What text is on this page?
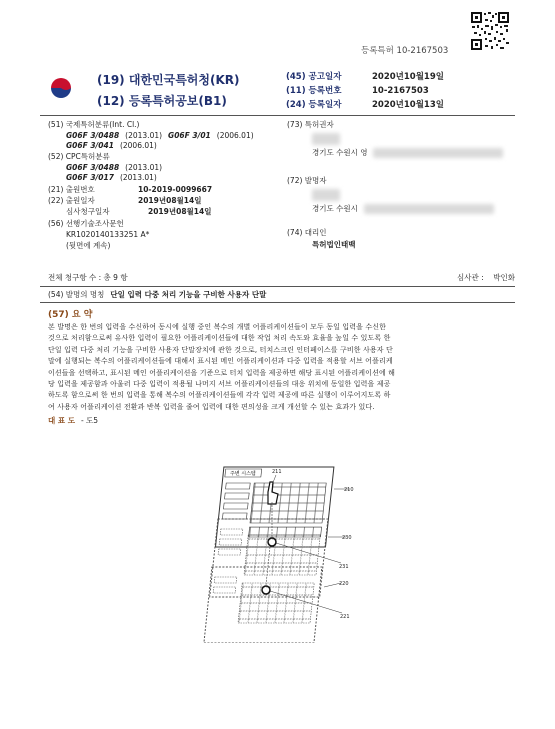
등록특허 10-2167503
(19) 대한민국특허청(KR)
(12) 등록특허공보(B1)
(45) 공고일자	2020년10월19일
(11) 등록번호	10-2167503
(24) 등록일자	2020년10월13일
(51) 국제특허분류(Int. Cl.)
G06F 3/0488 (2013.01) G06F 3/01 (2006.01)
G06F 3/041 (2006.01)
(52) CPC특허분류
G06F 3/0488 (2013.01)
G06F 3/017 (2013.01)
(21) 출원번호	10-2019-0099667
(22) 출원일자	2019년08월14일
심사청구일자	2019년08월14일
(56) 선행기술조사문헌
KR1020140133251 A*
(뒷면에 계속)
(73) 특허권자
경기도 수원시 영
(72) 발명자
경기도 수원시
(74) 대리인
특허법인태백
전체 청구항 수 : 총 9 항	심사관 : 박인화
(54) 발명의 명칭 단일 입력 다중 처리 기능을 구비한 사용자 단말
(57) 요 약
본 발명은 한 번의 입력을 수신하여 동시에 실행 중인 복수의 개별 어플리케이션들이 모두 동일 입력을 수신한
것으로 처리함으로써 유사한 입력이 필요한 어플리케이션들에 대한 작업 처리 속도와 효율을 높일 수 있도록 한
단일 입력 다중 처리 기능을 구비한 사용자 단말장치에 관한 것으로, 터치스크린 인터페이스를 구비한 사용자 단
말에 실행되는 복수의 어플리케이션들에 대해서 표시된 메인 어플리케이션과 다중 입력을 적용할 서브 어플리케
이션들을 선택하고, 표시된 메인 어플리케이션을 기준으로 터치 입력을 제공하면 해당 표시된 어플리케이션에 해
당 입력을 제공함과 아울러 다중 입력이 적용될 나머지 서브 어플리케이션들의 대응 위치에 동일한 입력을 제공
하도록 함으로써 한 번의 입력을 통해 복수의 어플리케이션들에 각각 입력 제공에 따른 실행이 이루어지도록 하
여 사용자 어플리케이션 전환과 반복 입력을 줄여 입력에 대한 편의성을 크게 개선할 수 있는 효과가 있다.
대 표 도 - 도5
주변 시스템	211
210
230
231
220
221
